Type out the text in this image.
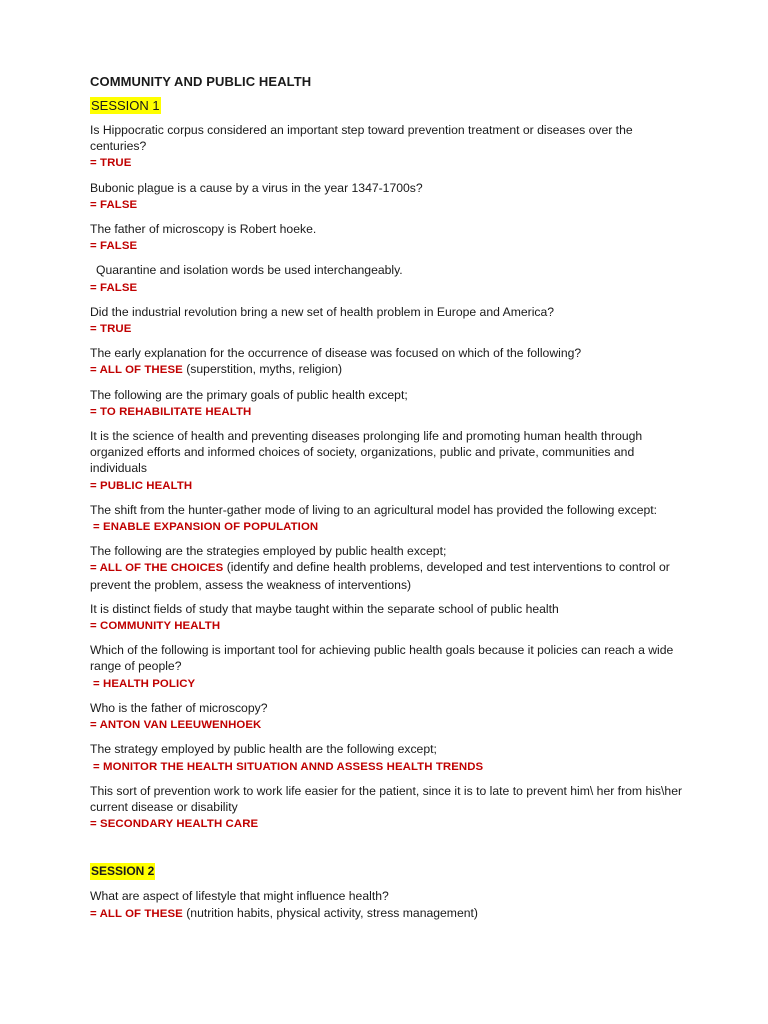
COMMUNITY AND PUBLIC HEALTH
SESSION 1
Is Hippocratic corpus considered an important step toward prevention treatment or diseases over the centuries?
= TRUE
Bubonic plague is a cause by a virus in the year 1347-1700s?
= FALSE
The father of microscopy is Robert hoeke.
= FALSE
Quarantine and isolation words be used interchangeably.
= FALSE
Did the industrial revolution bring a new set of health problem in Europe and America?
= TRUE
The early explanation for the occurrence of disease was focused on which of the following?
= ALL OF THESE (superstition, myths, religion)
The following are the primary goals of public health except;
= TO REHABILITATE HEALTH
It is the science of health and preventing diseases prolonging life and promoting human health through organized efforts and informed choices of society, organizations, public and private, communities and individuals
= PUBLIC HEALTH
The shift from the hunter-gather mode of living to an agricultural model has provided the following except:
= ENABLE EXPANSION OF POPULATION
The following are the strategies employed by public health except;
= ALL OF THE CHOICES (identify and define health problems, developed and test interventions to control or prevent the problem, assess the weakness of interventions)
It is distinct fields of study that maybe taught within the separate school of public health
= COMMUNITY HEALTH
Which of the following is important tool for achieving public health goals because it policies can reach a wide range of people?
= HEALTH POLICY
Who is the father of microscopy?
= ANTON VAN LEEUWENHOEK
The strategy employed by public health are the following except;
= MONITOR THE HEALTH SITUATION ANND ASSESS HEALTH TRENDS
This sort of prevention work to work life easier for the patient, since it is to late to prevent him\ her from his\her current disease or disability
= SECONDARY HEALTH CARE
SESSION 2
What are aspect of lifestyle that might influence health?
= ALL OF THESE (nutrition habits, physical activity, stress management)
